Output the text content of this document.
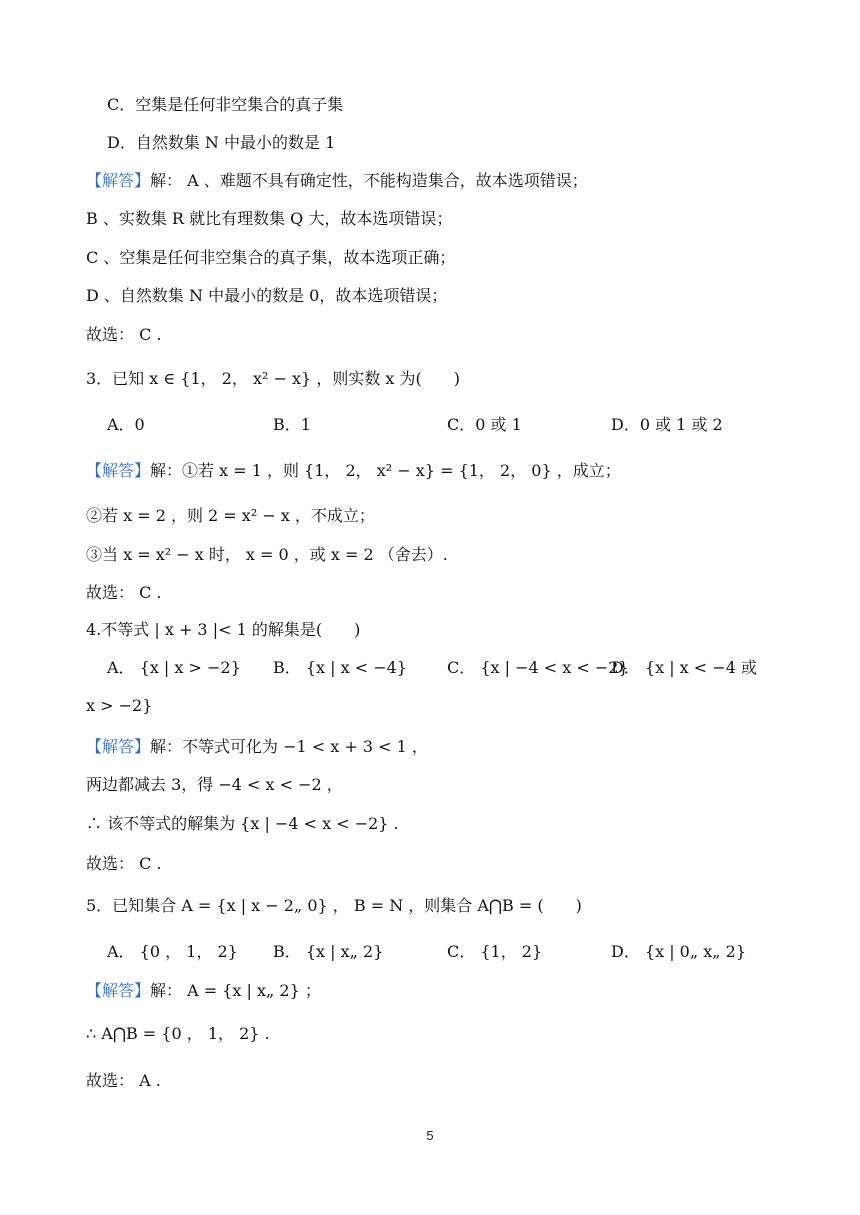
C．空集是任何非空集合的真子集
D．自然数集 N 中最小的数是 1
【解答】解： A 、难题不具有确定性，不能构造集合，故本选项错误；
B 、实数集 R 就比有理数集 Q 大，故本选项错误；
C 、空集是任何非空集合的真子集，故本选项正确；
D 、自然数集 N 中最小的数是 0，故本选项错误；
故选： C .
3．已知 x ∈ {1， 2， x² − x} ，则实数 x 为(　　)
A．0	B．1	C．0 或 1	D．0 或 1 或 2
【解答】解：①若 x = 1 ，则 {1， 2， x² − x} = {1， 2， 0} ，成立；
②若 x = 2 ，则 2 = x² − x ，不成立；
③当 x = x² − x 时， x = 0 ，或 x = 2 （舍去）.
故选： C .
4.不等式 | x + 3 |< 1 的解集是(　　)
A． {x | x > −2} B． {x | x < −4}	C． {x | −4 < x < −2}
D． {x | x < −4 或
x > −2}
【解答】解：不等式可化为 −1 < x + 3 < 1 ，
两边都减去 3，得 −4 < x < −2 ，
∴ 该不等式的解集为 {x | −4 < x < −2} .
故选： C .
5．已知集合 A = {x | x − 2„ 0} ， B = N ，则集合 A⋂B = (　　)
A． {0 ， 1， 2} B． {x | x„ 2}	C． {1， 2}	D． {x | 0„ x„ 2}
【解答】解： A = {x | x„ 2} ；
∴ A⋂B = {0 ， 1， 2} .
故选： A .
5
